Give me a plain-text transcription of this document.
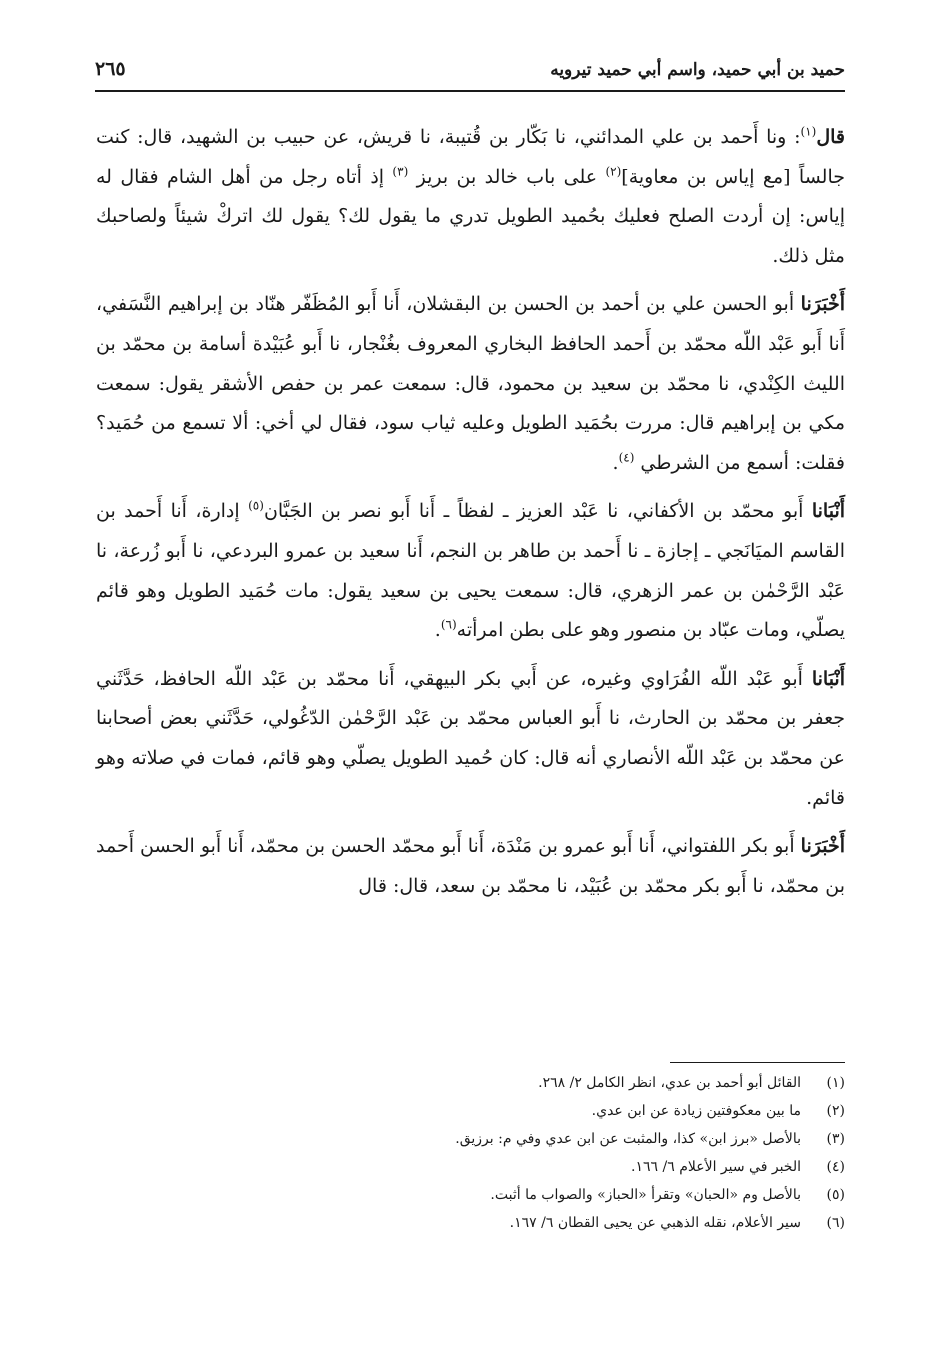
حميد بن أبي حميد، واسم أبي حميد تيرويه
٢٦٥

قال$^{(١)}$: ونا أَحمد بن علي المدائني، نا بَكّار بن قُتيبة، نا قريش، عن حبيب بن الشهيد، قال: كنت جالساً [مع إياس بن معاوية]$^{(٢)}$ على باب خالد بن بريز $^{(٣)}$ إذ أتاه رجل من أهل الشام فقال له إياس: إن أردت الصلح فعليك بحُميد الطويل تدري ما يقول لك؟ يقول لك اتركْ شيئاً ولصاحبك مثل ذلك.

أَخْبَرَنا أبو الحسن علي بن أحمد بن الحسن بن البقشلان، أَنا أَبو المُظَفّر هنّاد بن إبراهيم النَّسَفي، أَنا أَبو عَبْد اللّه محمّد بن أَحمد الحافظ البخاري المعروف بغُنْجار، نا أَبو عُبَيْدة أسامة بن محمّد بن الليث الكِنْدي، نا محمّد بن سعيد بن محمود، قال: سمعت عمر بن حفص الأشقر يقول: سمعت مكي بن إبراهيم قال: مررت بحُمَيد الطويل وعليه ثياب سود، فقال لي أخي: ألا تسمع من حُمَيد؟ فقلت: أسمع من الشرطي $^{(٤)}$.

أَنْبَانا أَبو محمّد بن الأكفاني، نا عَبْد العزيز ـ لفظاً ـ أَنا أَبو نصر بن الجَبَّان$^{(٥)}$ إدارة، أَنا أَحمد بن القاسم الميَانَجي ـ إجازة ـ نا أَحمد بن طاهر بن النجم، أَنا سعيد بن عمرو البردعي، نا أَبو زُرعة، نا عَبْد الرَّحْمٰن بن عمر الزهري، قال: سمعت يحيى بن سعيد يقول: مات حُمَيد الطويل وهو قائم يصلّي، ومات عبّاد بن منصور وهو على بطن امرأته$^{(٦)}$.

أَنْبَانا أَبو عَبْد اللّه الفُرَاوي وغيره، عن أَبي بكر البيهقي، أَنا محمّد بن عَبْد اللّه الحافظ، حَدَّثَني جعفر بن محمّد بن الحارث، نا أَبو العباس محمّد بن عَبْد الرَّحْمٰن الدّغُولي، حَدَّثَني بعض أصحابنا عن محمّد بن عَبْد اللّه الأنصاري أنه قال: كان حُميد الطويل يصلّي وهو قائم، فمات في صلاته وهو قائم.

أَخْبَرَنا أَبو بكر اللفتواني، أَنا أَبو عمرو بن مَنْدَة، أَنا أَبو محمّد الحسن بن محمّد، أَنا أَبو الحسن أَحمد بن محمّد، نا أَبو بكر محمّد بن عُبَيْد، نا محمّد بن سعد، قال: قال

(١)
القائل أبو أحمد بن عدي، انظر الكامل ٢/ ٢٦٨.
(٢)
ما بين معكوفتين زيادة عن ابن عدي.
(٣)
بالأصل «برز ابن» كذا، والمثبت عن ابن عدي وفي م: برزيق.
(٤)
الخبر في سير الأعلام ٦/ ١٦٦.
(٥)
بالأصل وم «الحبان» وتقرأ «الحباز» والصواب ما أثبت.
(٦)
سير الأعلام، نقله الذهبي عن يحيى القطان ٦/ ١٦٧.
